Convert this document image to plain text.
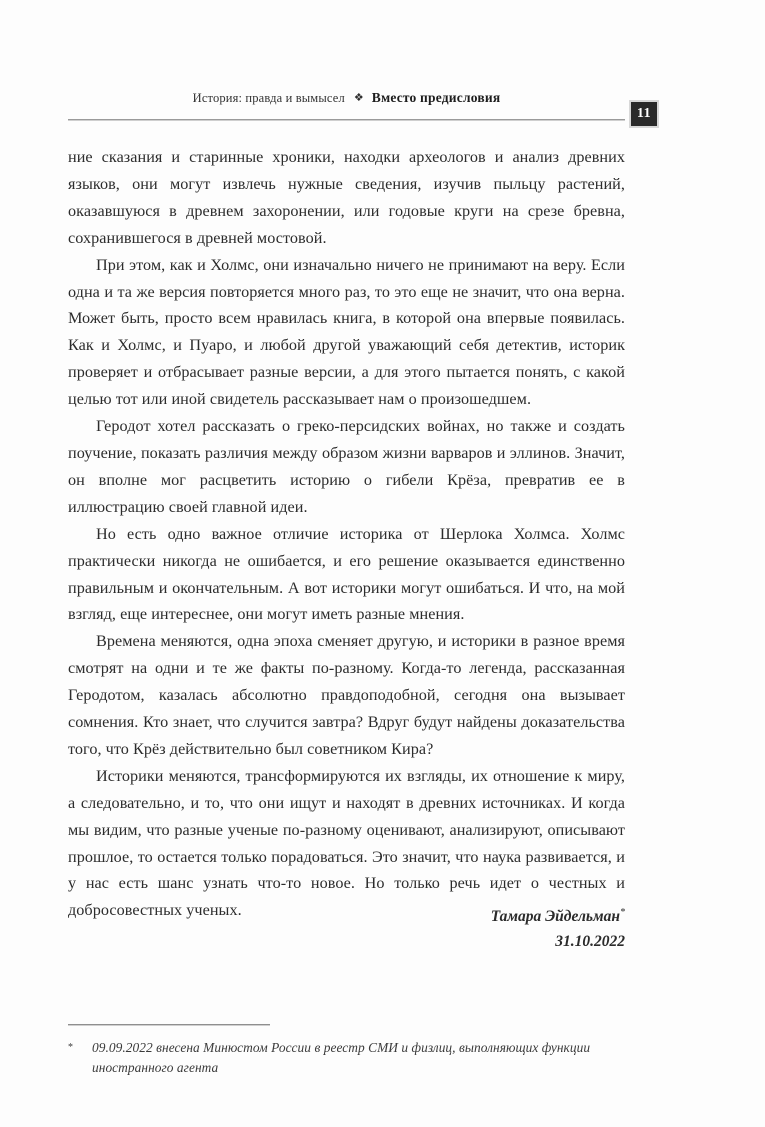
История: правда и вымысел ❖ Вместо предисловия
11

ние сказания и старинные хроники, находки археологов и анализ древних языков, они могут извлечь нужные сведения, изучив пыльцу растений, оказавшуюся в древнем захоронении, или годовые круги на срезе бревна, сохранившегося в древней мостовой.

При этом, как и Холмс, они изначально ничего не принимают на веру. Если одна и та же версия повторяется много раз, то это еще не значит, что она верна. Может быть, просто всем нравилась книга, в которой она впервые появилась. Как и Холмс, и Пуаро, и любой другой уважающий себя детектив, историк проверяет и отбрасывает разные версии, а для этого пытается понять, с какой целью тот или иной свидетель рассказывает нам о произошедшем.

Геродот хотел рассказать о греко-персидских войнах, но также и создать поучение, показать различия между образом жизни варваров и эллинов. Значит, он вполне мог расцветить историю о гибели Крёза, превратив ее в иллюстрацию своей главной идеи.

Но есть одно важное отличие историка от Шерлока Холмса. Холмс практически никогда не ошибается, и его решение оказывается единственно правильным и окончательным. А вот историки могут ошибаться. И что, на мой взгляд, еще интереснее, они могут иметь разные мнения.

Времена меняются, одна эпоха сменяет другую, и историки в разное время смотрят на одни и те же факты по-разному. Когда-то легенда, рассказанная Геродотом, казалась абсолютно правдоподобной, сегодня она вызывает сомнения. Кто знает, что случится завтра? Вдруг будут найдены доказательства того, что Крёз действительно был советником Кира?

Историки меняются, трансформируются их взгляды, их отношение к миру, а следовательно, и то, что они ищут и находят в древних источниках. И когда мы видим, что разные ученые по-разному оценивают, анализируют, описывают прошлое, то остается только порадоваться. Это значит, что наука развивается, и у нас есть шанс узнать что-то новое. Но только речь идет о честных и добросовестных ученых.	Тамара Эйдельман*
31.10.2022
*	09.09.2022 внесена Минюстом России в реестр СМИ и физлиц, выполняющих функции иностранного агента
